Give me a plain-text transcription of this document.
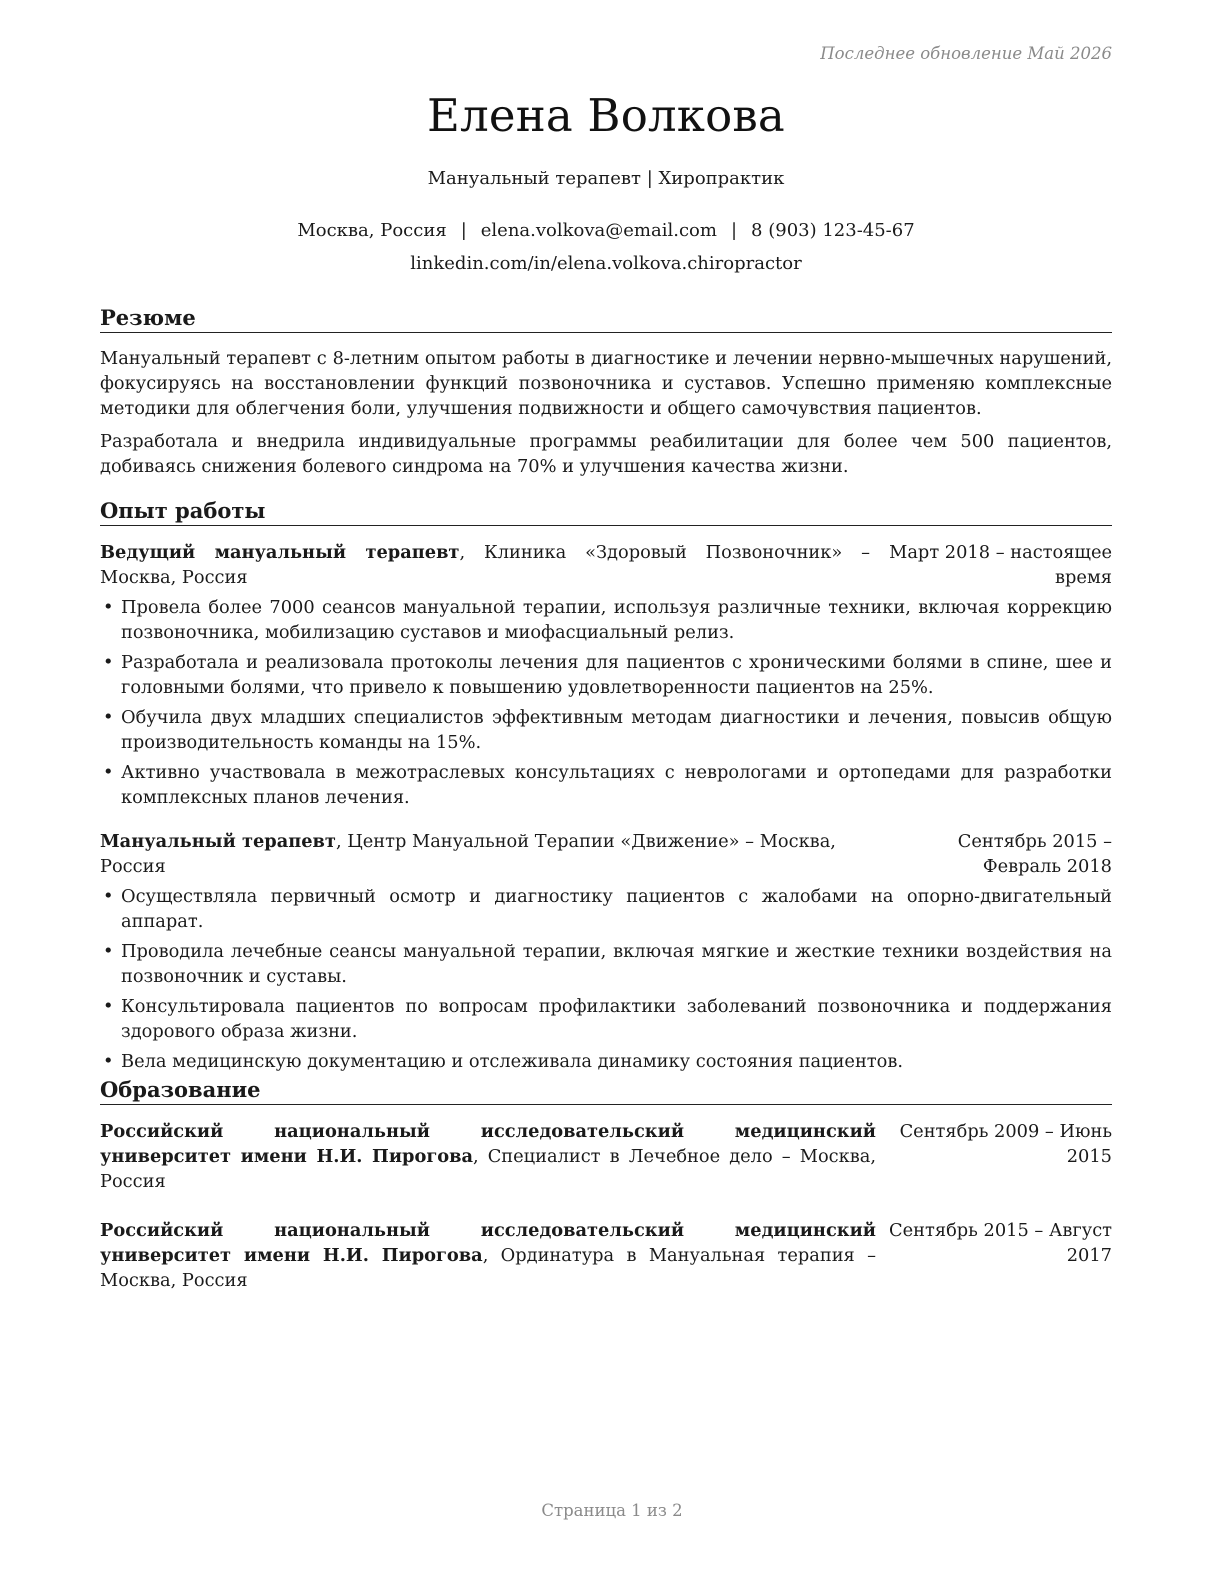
Последнее обновление Май 2026
Елена Волкова
Мануальный терапевт | Хиропрактик
Москва, Россия | elena.volkova@email.com | 8 (903) 123-45-67
linkedin.com/in/elena.volkova.chiropractor
Резюме

Мануальный терапевт с 8-летним опытом работы в диагностике и лечении нервно-мышечных нарушений, фокусируясь на восстановлении функций позвоночника и суставов. Успешно применяю комплексные методики для облегчения боли, улучшения подвижности и общего самочувствия пациентов.

Разработала и внедрила индивидуальные программы реабилитации для более чем 500 пациентов, добиваясь снижения болевого синдрома на 70% и улучшения качества жизни.

Опыт работы
Ведущий мануальный терапевт, Клиника «Здоровый Позвоночник» – Москва, Россия
Март 2018 – настоящее время
• Провела более 7000 сеансов мануальной терапии, используя различные техники, включая коррекцию позвоночника, мобилизацию суставов и миофасциальный релиз.
• Разработала и реализовала протоколы лечения для пациентов с хроническими болями в спине, шее и головными болями, что привело к повышению удовлетворенности пациентов на 25%.
• Обучила двух младших специалистов эффективным методам диагностики и лечения, повысив общую производительность команды на 15%.
• Активно участвовала в межотраслевых консультациях с неврологами и ортопедами для разработки комплексных планов лечения.
Мануальный терапевт, Центр Мануальной Терапии «Движение» – Москва, Россия
Сентябрь 2015 – Февраль 2018
• Осуществляла первичный осмотр и диагностику пациентов с жалобами на опорно-двигательный аппарат.
• Проводила лечебные сеансы мануальной терапии, включая мягкие и жесткие техники воздействия на позвоночник и суставы.
• Консультировала пациентов по вопросам профилактики заболеваний позвоночника и поддержания здорового образа жизни.
• Вела медицинскую документацию и отслеживала динамику состояния пациентов.
Образование
Российский национальный исследовательский медицинский университет имени Н.И. Пирогова, Специалист в Лечебное дело – Москва, Россия
Сентябрь 2009 – Июнь 2015
Российский национальный исследовательский медицинский университет имени Н.И. Пирогова, Ординатура в Мануальная терапия – Москва, Россия
Сентябрь 2015 – Август 2017
Страница 1 из 2
